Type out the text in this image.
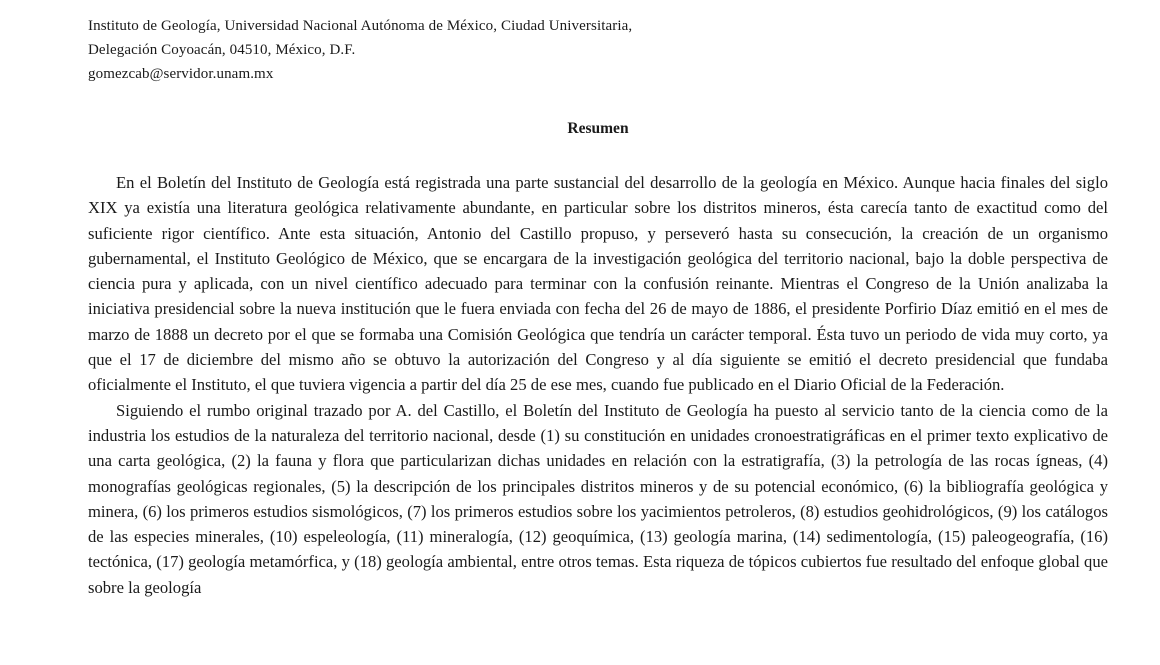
Instituto de Geología, Universidad Nacional Autónoma de México, Ciudad Universitaria,
Delegación Coyoacán, 04510, México, D.F.
gomezcab@servidor.unam.mx
Resumen

En el Boletín del Instituto de Geología está registrada una parte sustancial del desarrollo de la geología en México. Aunque hacia finales del siglo XIX ya existía una literatura geológica relativamente abundante, en particular sobre los distritos mineros, ésta carecía tanto de exactitud como del suficiente rigor científico. Ante esta situación, Antonio del Castillo propuso, y perseveró hasta su consecución, la creación de un organismo gubernamental, el Instituto Geológico de México, que se encargara de la investigación geológica del territorio nacional, bajo la doble perspectiva de ciencia pura y aplicada, con un nivel científico adecuado para terminar con la confusión reinante. Mientras el Congreso de la Unión analizaba la iniciativa presidencial sobre la nueva institución que le fuera enviada con fecha del 26 de mayo de 1886, el presidente Porfirio Díaz emitió en el mes de marzo de 1888 un decreto por el que se formaba una Comisión Geológica que tendría un carácter temporal. Ésta tuvo un periodo de vida muy corto, ya que el 17 de diciembre del mismo año se obtuvo la autorización del Congreso y al día siguiente se emitió el decreto presidencial que fundaba oficialmente el Instituto, el que tuviera vigencia a partir del día 25 de ese mes, cuando fue publicado en el Diario Oficial de la Federación.

Siguiendo el rumbo original trazado por A. del Castillo, el Boletín del Instituto de Geología ha puesto al servicio tanto de la ciencia como de la industria los estudios de la naturaleza del territorio nacional, desde (1) su constitución en unidades cronoestratigráficas en el primer texto explicativo de una carta geológica, (2) la fauna y flora que particularizan dichas unidades en relación con la estratigrafía, (3) la petrología de las rocas ígneas, (4) monografías geológicas regionales, (5) la descripción de los principales distritos mineros y de su potencial económico, (6) la bibliografía geológica y minera, (6) los primeros estudios sismológicos, (7) los primeros estudios sobre los yacimientos petroleros, (8) estudios geohidrológicos, (9) los catálogos de las especies minerales, (10) espeleología, (11) mineralogía, (12) geoquímica, (13) geología marina, (14) sedimentología, (15) paleogeografía, (16) tectónica, (17) geología metamórfica, y (18) geología ambiental, entre otros temas. Esta riqueza de tópicos cubiertos fue resultado del enfoque global que sobre la geología
